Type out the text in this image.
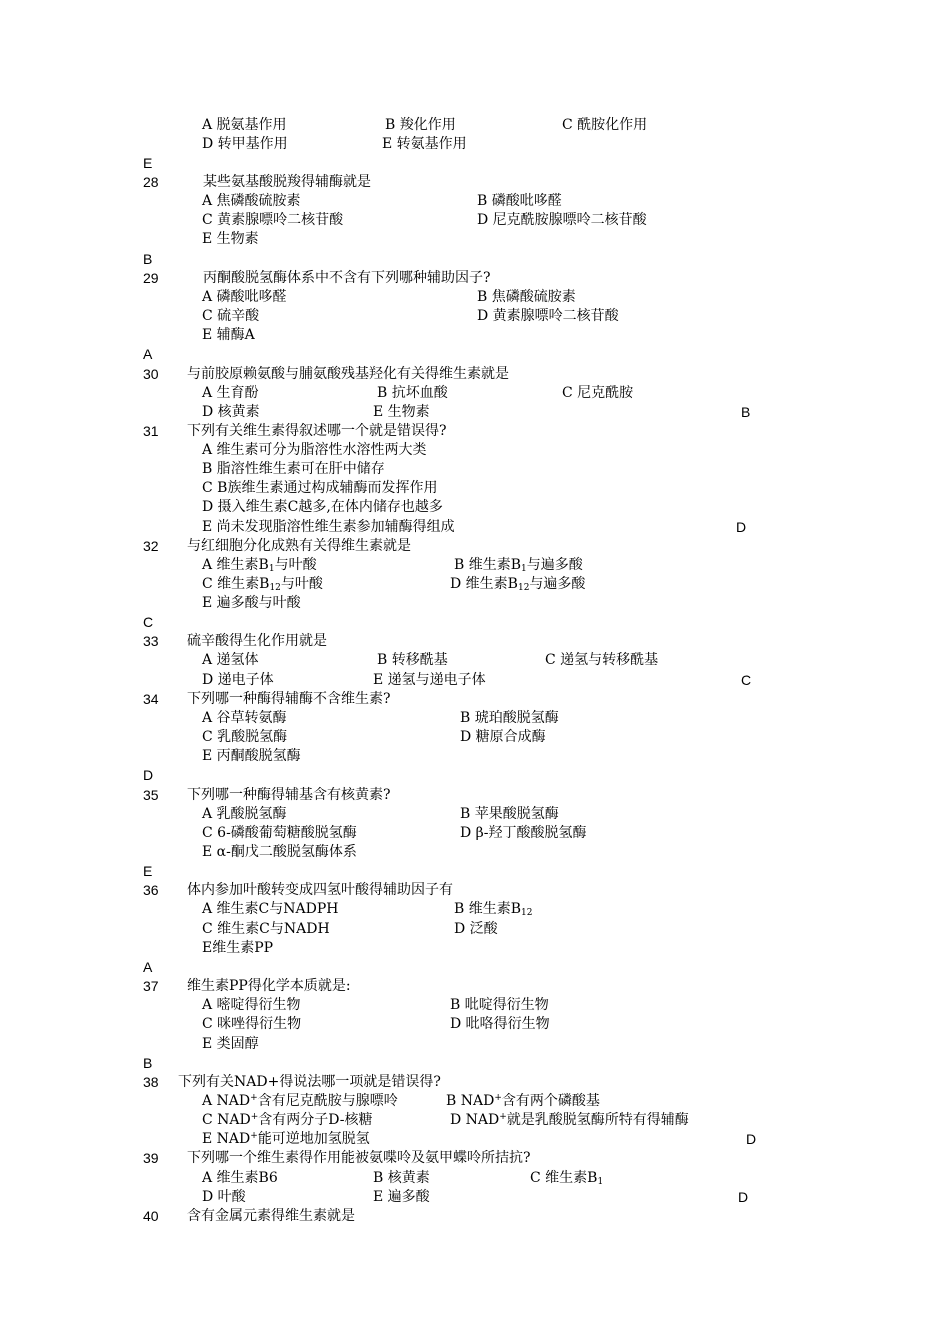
A 脱氨基作用	B 羧化作用	C 酰胺化作用
D 转甲基作用	E 转氨基作用
E
28	某些氨基酸脱羧得辅酶就是
A 焦磷酸硫胺素	B 磷酸吡哆醛
C 黄素腺嘌呤二核苷酸	D 尼克酰胺腺嘌呤二核苷酸
E 生物素
B
29	丙酮酸脱氢酶体系中不含有下列哪种辅助因子?
A 磷酸吡哆醛	B 焦磷酸硫胺素
C 硫辛酸	D 黄素腺嘌呤二核苷酸
E 辅酶A
A
30 与前胶原赖氨酸与脯氨酸残基羟化有关得维生素就是
A 生育酚	B 抗坏血酸	C 尼克酰胺
D 核黄素	E 生物素	B
31 下列有关维生素得叙述哪一个就是错误得?
A 维生素可分为脂溶性水溶性两大类
B 脂溶性维生素可在肝中储存
C B族维生素通过构成辅酶而发挥作用
D 摄入维生素C越多,在体内储存也越多
E 尚未发现脂溶性维生素参加辅酶得组成	D
32 与红细胞分化成熟有关得维生素就是
A 维生素$B_1$与叶酸	B 维生素$B_1$与遍多酸
C 维生素$B_{12}$与叶酸	D 维生素$B_{12}$与遍多酸
E 遍多酸与叶酸
C
33 硫辛酸得生化作用就是
A 递氢体	B 转移酰基	C 递氢与转移酰基
D 递电子体	E 递氢与递电子体	C
34 下列哪一种酶得辅酶不含维生素?
A 谷草转氨酶	B 琥珀酸脱氢酶
C 乳酸脱氢酶	D 糖原合成酶
E 丙酮酸脱氢酶
D
35 下列哪一种酶得辅基含有核黄素?
A 乳酸脱氢酶	B 苹果酸脱氢酶
C 6-磷酸葡萄糖酸脱氢酶	D β-羟丁酸酸脱氢酶
E α-酮戊二酸脱氢酶体系
E
36 体内参加叶酸转变成四氢叶酸得辅助因子有
A 维生素C与NADPH	B 维生素$B_{12}$
C 维生素C与NADH	D 泛酸
E维生素PP
A
37 维生素PP得化学本质就是:
A 嘧啶得衍生物	B 吡啶得衍生物
C 咪唑得衍生物	D 吡咯得衍生物
E 类固醇
B
38 下列有关NAD+得说法哪一项就是错误得?
A NAD+含有尼克酰胺与腺嘌呤	B NAD+含有两个磷酸基
C NAD+含有两分子D-核糖	D NAD+就是乳酸脱氢酶所特有得辅酶
E NAD+能可逆地加氢脱氢	D
39 下列哪一个维生素得作用能被氨喋呤及氨甲蝶呤所拮抗?
A 维生素B6	B 核黄素	C 维生素$B_1$
D 叶酸	E 遍多酸	D
40 含有金属元素得维生素就是
